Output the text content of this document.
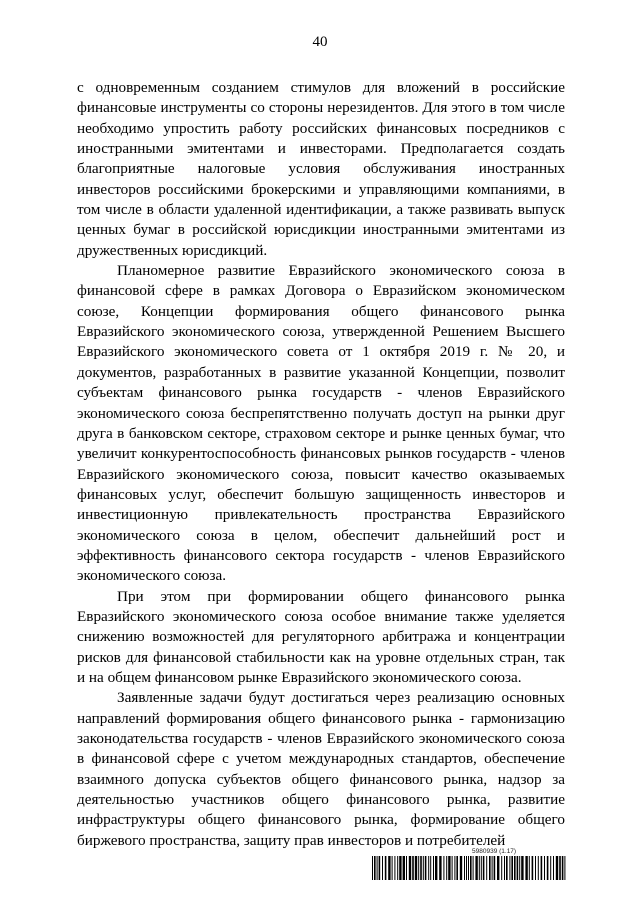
40

с одновременным созданием стимулов для вложений в российские финансовые инструменты со стороны нерезидентов. Для этого в том числе необходимо упростить работу российских финансовых посредников с иностранными эмитентами и инвесторами. Предполагается создать благоприятные налоговые условия обслуживания иностранных инвесторов российскими брокерскими и управляющими компаниями, в том числе в области удаленной идентификации, а также развивать выпуск ценных бумаг в российской юрисдикции иностранными эмитентами из дружественных юрисдикций.

Планомерное развитие Евразийского экономического союза в финансовой сфере в рамках Договора о Евразийском экономическом союзе, Концепции формирования общего финансового рынка Евразийского экономического союза, утвержденной Решением Высшего Евразийского экономического совета от 1 октября 2019 г. № 20, и документов, разработанных в развитие указанной Концепции, позволит субъектам финансового рынка государств - членов Евразийского экономического союза беспрепятственно получать доступ на рынки друг друга в банковском секторе, страховом секторе и рынке ценных бумаг, что увеличит конкурентоспособность финансовых рынков государств - членов Евразийского экономического союза, повысит качество оказываемых финансовых услуг, обеспечит большую защищенность инвесторов и инвестиционную привлекательность пространства Евразийского экономического союза в целом, обеспечит дальнейший рост и эффективность финансового сектора государств - членов Евразийского экономического союза.

При этом при формировании общего финансового рынка Евразийского экономического союза особое внимание также уделяется снижению возможностей для регуляторного арбитража и концентрации рисков для финансовой стабильности как на уровне отдельных стран, так и на общем финансовом рынке Евразийского экономического союза.

Заявленные задачи будут достигаться через реализацию основных направлений формирования общего финансового рынка - гармонизацию законодательства государств - членов Евразийского экономического союза в финансовой сфере с учетом международных стандартов, обеспечение взаимного допуска субъектов общего финансового рынка, надзор за деятельностью участников общего финансового рынка, развитие инфраструктуры общего финансового рынка, формирование общего биржевого пространства, защиту прав инвесторов и потребителей

5980939 (1.17)
